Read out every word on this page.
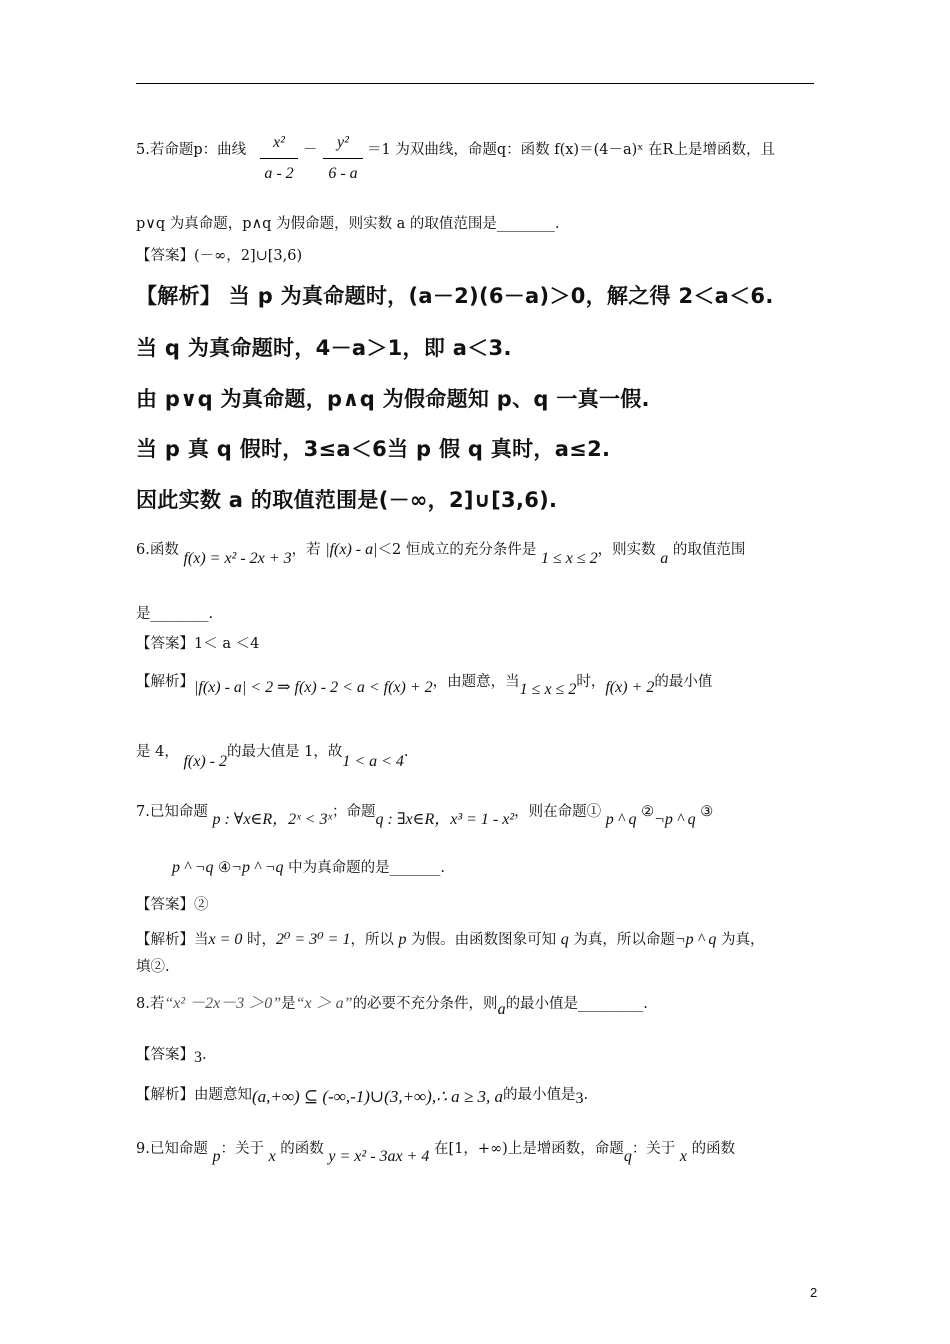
5.若命题p：曲线	x²
a - 2
－	y²
6 - a
＝1 为双曲线，命题q：函数 f(x)＝(4－a)ˣ 在R上是增函数，且
p∨q 为真命题，p∧q 为假命题，则实数 a 的取值范围是________.
【答案】(－∞，2]∪[3,6)
【解析】 当 p 为真命题时，(a－2)(6－a)＞0，解之得 2＜a＜6.
当 q 为真命题时，4－a＞1，即 a＜3.
由 p∨q 为真命题，p∧q 为假命题知 p、q 一真一假.
当 p 真 q 假时，3≤a＜6当 p 假 q 真时，a≤2.
因此实数 a 的取值范围是(－∞，2]∪[3,6).
6.函数 f(x) = x² - 2x + 3，若 |f(x) - a|＜2 恒成立的充分条件是 1 ≤ x ≤ 2，则实数 a 的取值范围
是________.
【答案】1＜ a ＜4
【解析】|f(x) - a| < 2 ⇒ f(x) - 2 < a < f(x) + 2，由题意，当1 ≤ x ≤ 2时，f(x) + 2的最小值
是 4， f(x) - 2的最大值是 1，故1 < a < 4.
7.已知命题 p : ∀x∈R，2ˣ < 3ˣ；命题q : ∃x∈R，x³ = 1 - x²，则在命题① p ^ q ②¬p ^ q ③
p ^ ¬q ④¬p ^ ¬q 中为真命题的是_______.
【答案】②
【解析】当x = 0 时，2⁰ = 3⁰ = 1，所以 p 为假。由函数图象可知 q 为真，所以命题¬p ^ q 为真，
填②.
8.若“x² －2x－3 ＞0”是“x ＞ a”的必要不充分条件，则a的最小值是_________.
【答案】3.
【解析】由题意知(a,+∞) ⊆ (-∞,-1)∪(3,+∞),∴ a ≥ 3, a的最小值是3.
9.已知命题 p：关于 x 的函数 y = x² - 3ax + 4 在[1，+∞)上是增函数，命题q：关于 x 的函数
2
